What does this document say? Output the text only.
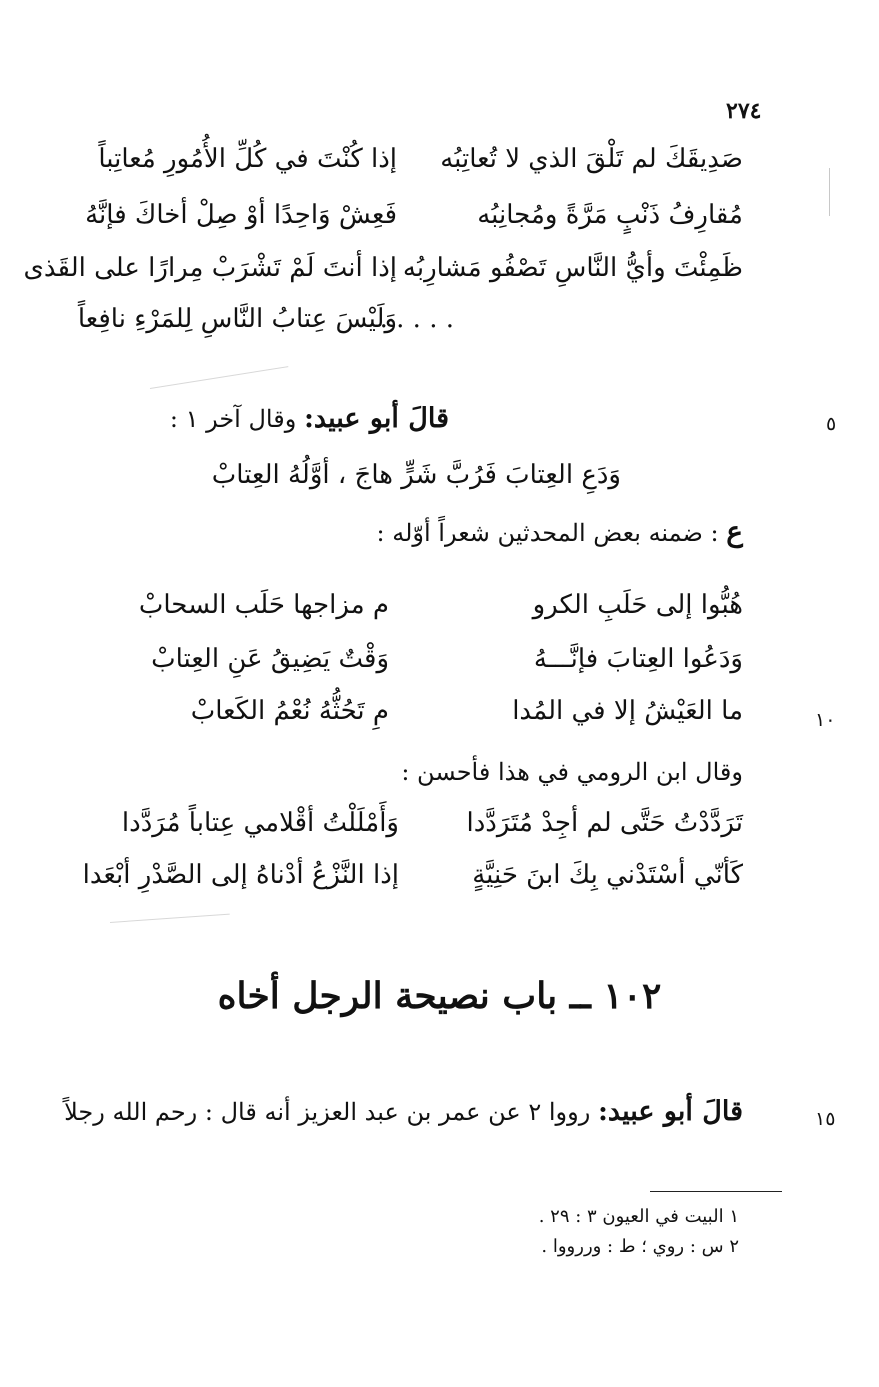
٢٧٤
٥
١٠
١٥
إذا كُنْتَ في كُلِّ الأُمُورِ مُعاتِباً صَدِيقَكَ لم تَلْقَ الذي لا تُعاتِبُه
مُقارِفُ ذَنْبٍ مَرَّةً ومُجانِبُه
ظَمِئْتَ وأيُّ النَّاسِ تَصْفُو مَشارِبُه
. . . . .
قالَ أبو عبيد: وقال آخر ١ :
وَدَعِ العِتابَ فَرُبَّ شَرٍّ هاجَ ، أوَّلُهُ العِتابْ
ع : ضمنه بعض المحدثين شعراً أوّله :
هُبُّوا إلى حَلَبِ الكرو
م مزاجها حَلَب السحابْ
وَدَعُوا العِتابَ فإنَّـــهُ
وَقْتٌ يَضِيقُ عَنِ العِتابْ
ما العَيْشُ إلا في المُدا
مِ تَحُثُّهُ نُعْمُ الكَعابْ
وقال ابن الرومي في هذا فأحسن :
تَرَدَّدْتُ حَتَّى لم أجِدْ مُتَرَدَّدا
وَأَمْلَلْتُ أقْلامي عِتاباً مُرَدَّدا
كَأنّي أسْتَدْني بِكَ ابنَ حَنِيَّةٍ
إذا النَّزْعُ أدْناهُ إلى الصَّدْرِ أبْعَدا
١٠٢ ــ باب نصيحة الرجل أخاه
قالَ أبو عبيد: رووا ٢ عن عمر بن عبد العزيز أنه قال : رحم الله رجلاً
١ البيت في العيون ٣ : ٢٩ .
٢ س : روي ؛ ط : وررووا .
فَعِشْ وَاحِدًا أوْ صِلْ أخاكَ فإنَّهُ
إذا أنتَ لَمْ تَشْرَبْ مِرارًا على القَذى
وَلَيْسَ عِتابُ النَّاسِ لِلمَرْءِ نافِعاً
